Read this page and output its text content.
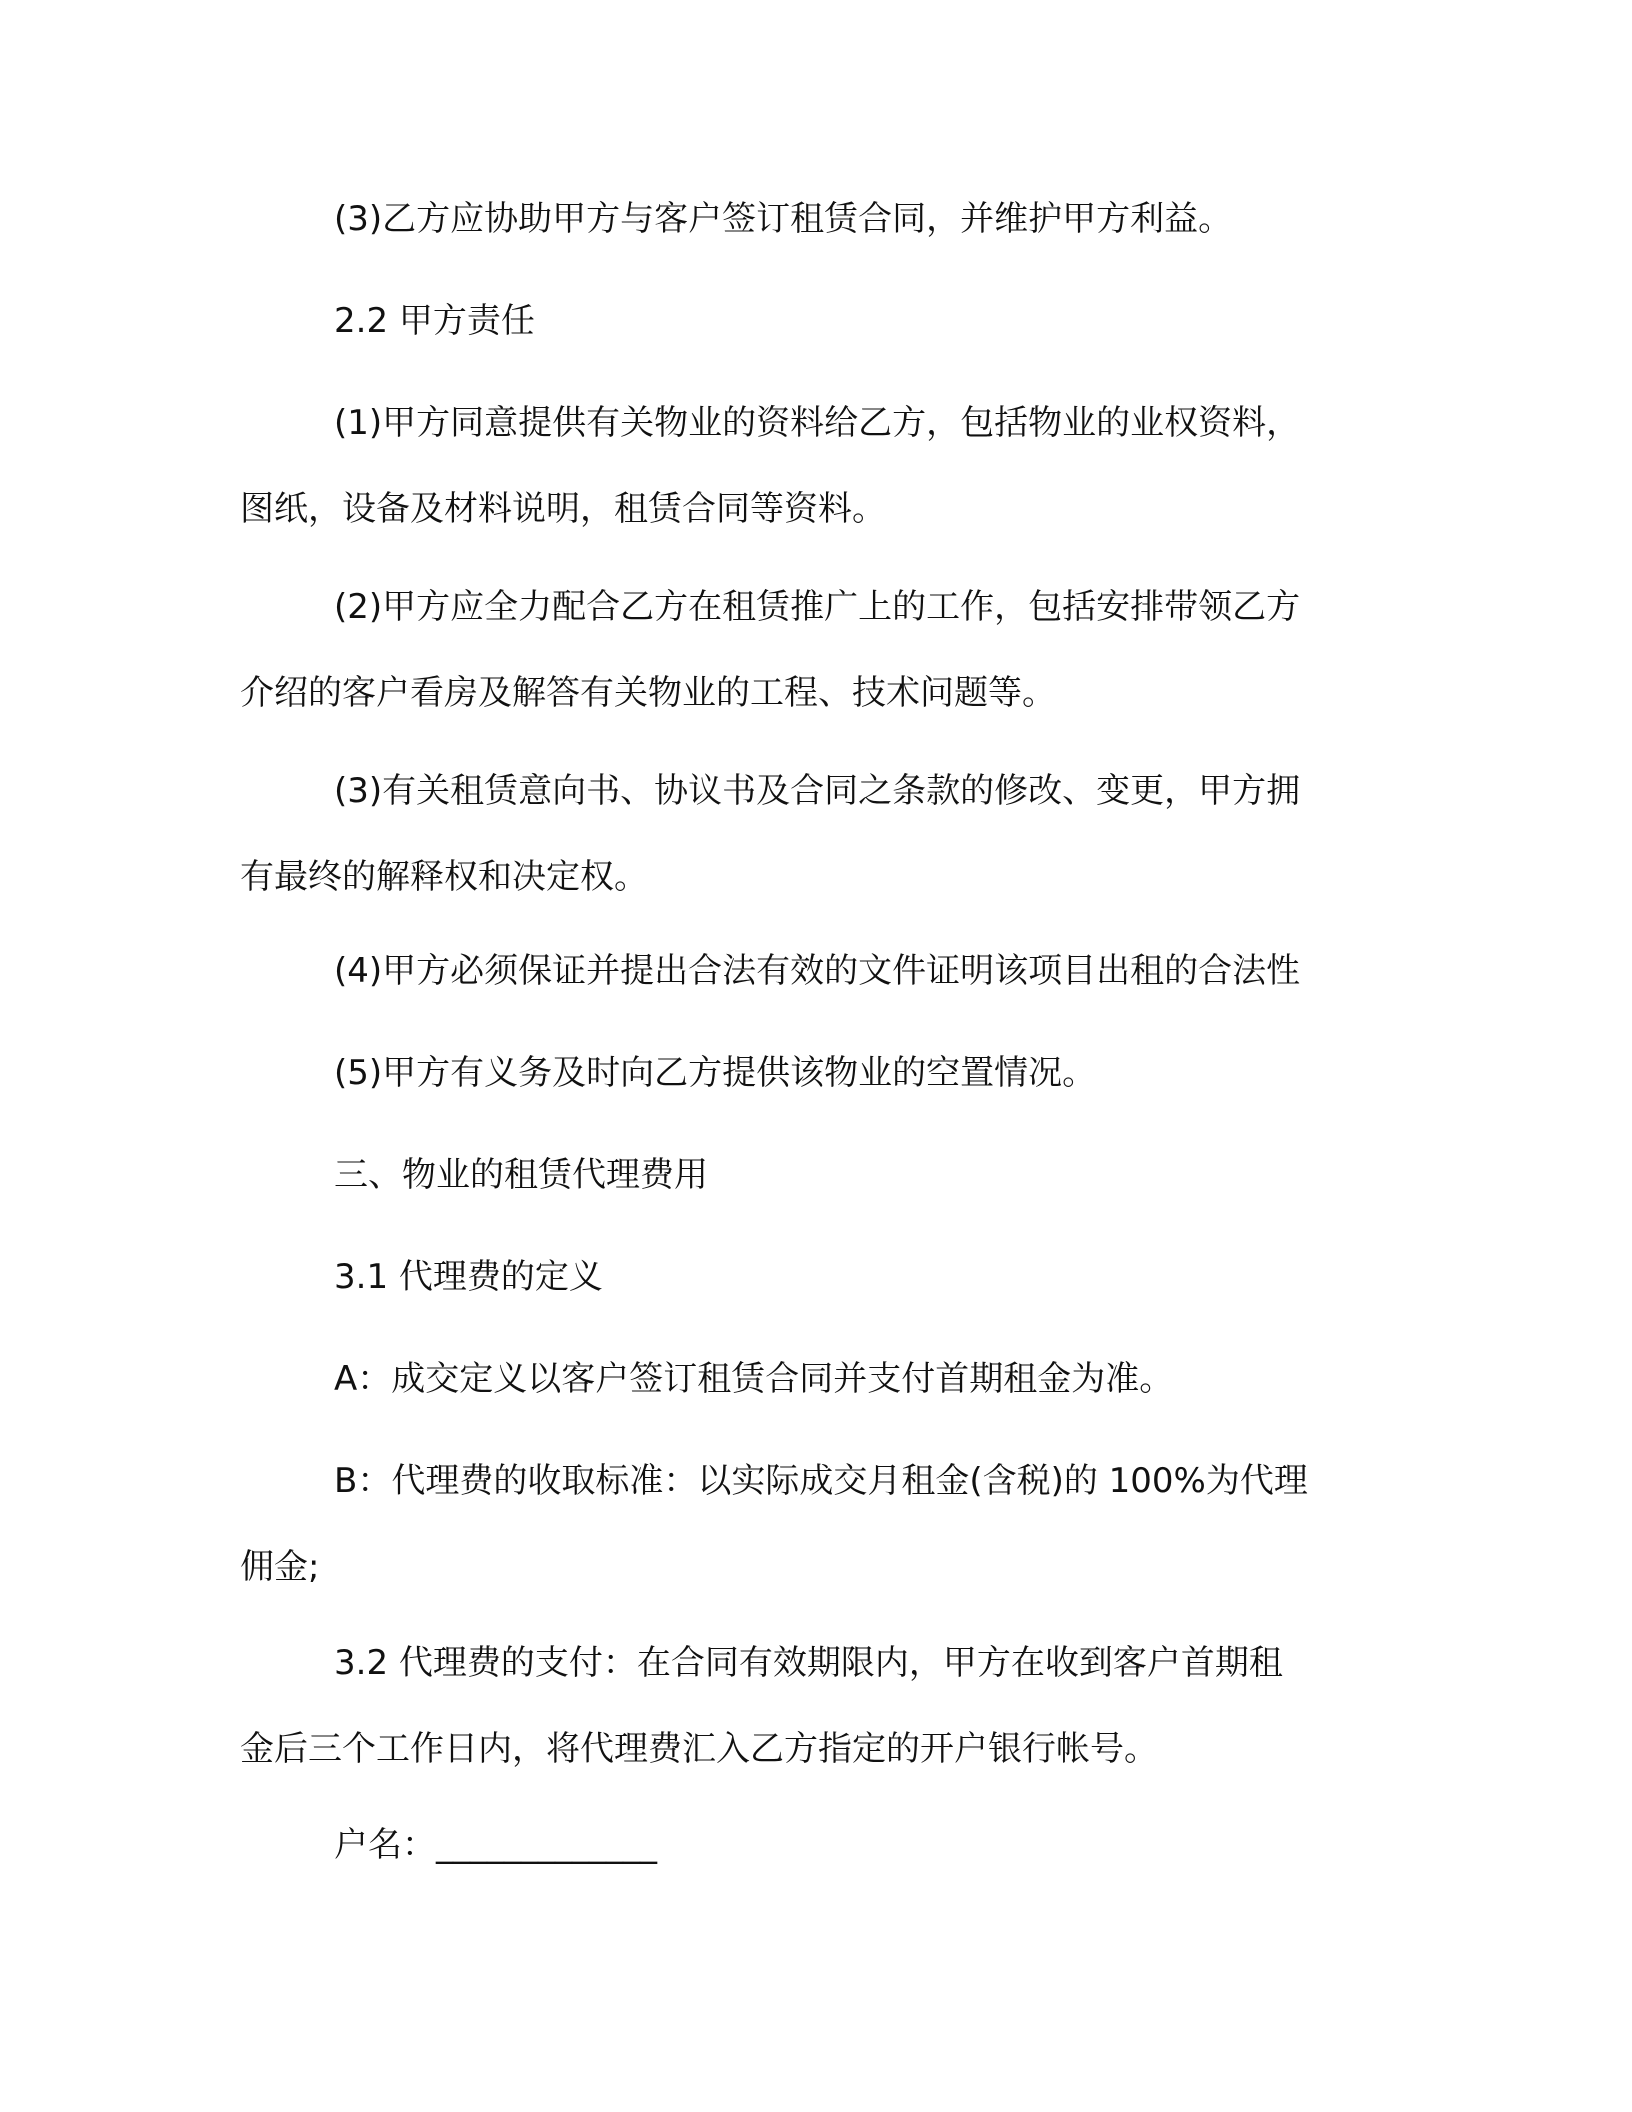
(3)乙方应协助甲方与客户签订租赁合同，并维护甲方利益。

2.2 甲方责任

(1)甲方同意提供有关物业的资料给乙方，包括物业的业权资料，
图纸，设备及材料说明，租赁合同等资料。

(2)甲方应全力配合乙方在租赁推广上的工作，包括安排带领乙方
介绍的客户看房及解答有关物业的工程、技术问题等。

(3)有关租赁意向书、协议书及合同之条款的修改、变更，甲方拥
有最终的解释权和决定权。

(4)甲方必须保证并提出合法有效的文件证明该项目出租的合法性

(5)甲方有义务及时向乙方提供该物业的空置情况。

三、物业的租赁代理费用

3.1 代理费的定义

A：成交定义以客户签订租赁合同并支付首期租金为准。

B：代理费的收取标准：以实际成交月租金(含税)的 100%为代理
佣金;

3.2 代理费的支付：在合同有效期限内，甲方在收到客户首期租
金后三个工作日内，将代理费汇入乙方指定的开户银行帐号。

户名：_____________
